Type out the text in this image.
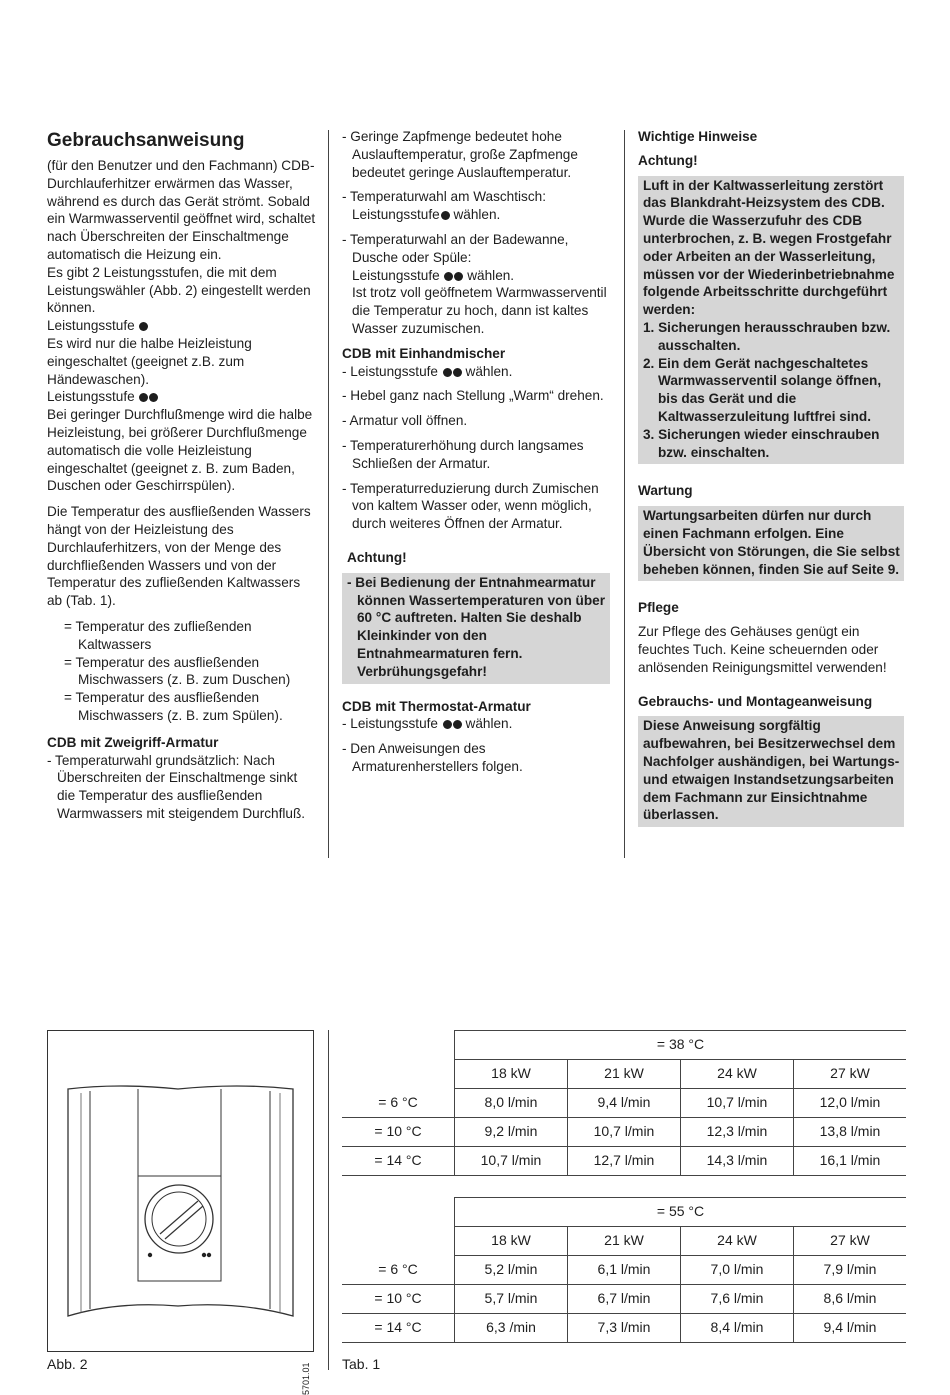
Gebrauchsanweisung

(für den Benutzer und den Fachmann) CDB-Durchlauferhitzer erwärmen das Wasser, während es durch das Gerät strömt. Sobald ein Warmwasserventil geöffnet wird, schaltet nach Überschreiten der Einschaltmenge automatisch die Heizung ein.

Es gibt 2 Leistungsstufen, die mit dem Leistungswähler (Abb. 2) eingestellt werden können.

Leistungsstufe

Es wird nur die halbe Heizleistung eingeschaltet (geeignet z.B. zum Händewaschen).

Leistungsstufe

Bei geringer Durchflußmenge wird die halbe Heizleistung, bei größerer Durchflußmenge automatisch die volle Heizleistung eingeschaltet (geeignet z. B. zum Baden, Duschen oder Geschirrspülen).

Die Temperatur des ausfließenden Wassers hängt von der Heizleistung des Durchlauferhitzers, von der Menge des durchfließenden Wassers und von der Temperatur des zufließenden Kaltwassers ab (Tab. 1).

= Temperatur des zufließenden Kaltwassers

= Temperatur des ausfließenden Mischwassers (z. B. zum Duschen)

= Temperatur des ausfließenden Mischwassers (z. B. zum Spülen).

CDB mit Zweigriff-Armatur

- Temperaturwahl grundsätzlich: Nach Überschreiten der Einschaltmenge sinkt die Temperatur des ausfließenden Warmwassers mit steigendem Durchfluß.

- Geringe Zapfmenge bedeutet hohe Auslauftemperatur, große Zapfmenge bedeutet geringe Auslauftemperatur.

- Temperaturwahl am Waschtisch:

Leistungsstufe wählen.

- Temperaturwahl an der Badewanne, Dusche oder Spüle:

Leistungsstufe wählen.

Ist trotz voll geöffnetem Warmwasserventil die Temperatur zu hoch, dann ist kaltes Wasser zuzumischen.

CDB mit Einhandmischer

- Leistungsstufe wählen.

- Hebel ganz nach Stellung „Warm“ drehen.

- Armatur voll öffnen.

- Temperaturerhöhung durch langsames Schließen der Armatur.

- Temperaturreduzierung durch Zumischen von kaltem Wasser oder, wenn möglich, durch weiteres Öffnen der Armatur.

Achtung!

- Bei Bedienung der Entnahmearmatur können Wassertemperaturen von über 60 °C auftreten. Halten Sie deshalb Kleinkinder von den Entnahmearmaturen fern. Verbrühungsgefahr!

CDB mit Thermostat-Armatur

- Leistungsstufe wählen.

- Den Anweisungen des Armaturenherstellers folgen.

Wichtige Hinweise

Achtung!

Luft in der Kaltwasserleitung zerstört das Blankdraht-Heizsystem des CDB. Wurde die Wasserzufuhr des CDB unterbrochen, z. B. wegen Frostgefahr oder Arbeiten an der Wasserleitung, müssen vor der Wiederinbetriebnahme folgende Arbeitsschritte durchgeführt werden:
1. Sicherungen herausschrauben bzw. ausschalten.
2. Ein dem Gerät nachgeschaltetes Warmwasserventil solange öffnen, bis das Gerät und die Kaltwasserzuleitung luftfrei sind.
3. Sicherungen wieder einschrauben bzw. einschalten.

Wartung

Wartungsarbeiten dürfen nur durch einen Fachmann erfolgen. Eine Übersicht von Störungen, die Sie selbst beheben können, finden Sie auf Seite 9.

Pflege

Zur Pflege des Gehäuses genügt ein feuchtes Tuch. Keine scheuernden oder anlösenden Reinigungsmittel verwenden!

Gebrauchs- und Montageanweisung

Diese Anweisung sorgfältig aufbewahren, bei Besitzerwechsel dem Nachfolger aushändigen, bei Wartungs- und etwaigen Instandsetzungsarbeiten dem Fachmann zur Einsichtnahme überlassen.
5701.01
Abb. 2
	= 38 °C			
	18 kW	21 kW	24 kW	27 kW
= 6 °C	8,0 l/min	9,4 l/min	10,7 l/min	12,0 l/min
= 10 °C	9,2 l/min	10,7 l/min	12,3 l/min	13,8 l/min
= 14 °C	10,7 l/min	12,7 l/min	14,3 l/min	16,1 l/min
	= 55 °C			
	18 kW	21 kW	24 kW	27 kW
= 6 °C	5,2 l/min	6,1 l/min	7,0 l/min	7,9 l/min
= 10 °C	5,7 l/min	6,7 l/min	7,6 l/min	8,6 l/min
= 14 °C	6,3 /min	7,3 l/min	8,4 l/min	9,4 l/min
Tab. 1
